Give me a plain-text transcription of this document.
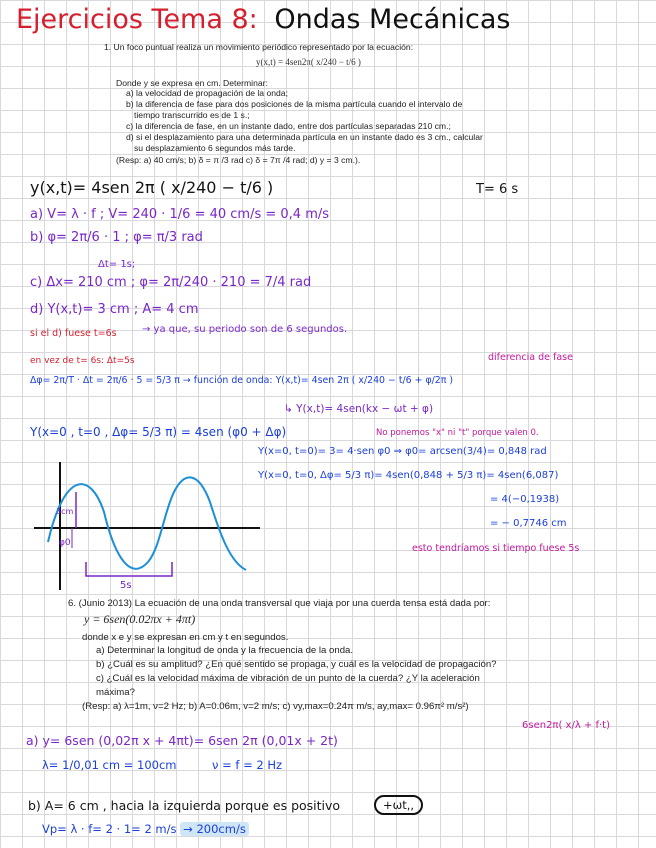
Ejercicios Tema 8: Ondas Mecánicas
1. Un foco puntual realiza un movimiento periódico representado por la ecuación:
y(x,t) = 4sen2π( x/240 − t/6 )
Donde y se expresa en cm. Determinar:
a) la velocidad de propagación de la onda;
b) la diferencia de fase para dos posiciones de la misma partícula cuando el intervalo de
tiempo transcurrido es de 1 s.;
c) la diferencia de fase, en un instante dado, entre dos partículas separadas 210 cm.;
d) si el desplazamiento para una determinada partícula en un instante dado es 3 cm., calcular
su desplazamiento 6 segundos más tarde.
(Resp: a) 40 cm/s; b) δ = π /3 rad c) δ = 7π /4 rad; d) y = 3 cm.).
y(x,t)= 4sen 2π ( x/240 − t/6 )	T= 6 s
a) V= λ · f ; V= 240 · 1/6 = 40 cm/s = 0,4 m/s
b) φ= 2π/6 · 1 ; φ= π/3 rad
Δt= 1s;
c) Δx= 210 cm ; φ= 2π/240 · 210 = 7/4 rad
d) Y(x,t)= 3 cm ; A= 4 cm
si el d) fuese t=6s	→ ya que, su periodo son de 6 segundos.
en vez de t= 6s: Δt=5s	diferencia de fase
Δφ= 2π/T · Δt = 2π/6 · 5 = 5/3 π → función de onda: Y(x,t)= 4sen 2π ( x/240 − t/6 + φ/2π )
↳ Y(x,t)= 4sen(kx − ωt + φ)
Y(x=0 , t=0 , Δφ= 5/3 π) = 4sen (φ0 + Δφ)	No ponemos "x" ni "t" porque valen 0.
Y(x=0, t=0)= 3= 4·sen φ0 ⇒ φ0= arcsen(3/4)= 0,848 rad
Y(x=0, t=0, Δφ= 5/3 π)= 4sen(0,848 + 5/3 π)= 4sen(6,087)
= 4(−0,1938)
= − 0,7746 cm
esto tendríamos si tiempo fuese 5s
3cm
φ0
5s
6. (Junio 2013) La ecuación de una onda transversal que viaja por una cuerda tensa está dada por:
y = 6sen(0.02πx + 4πt)
donde x e y se expresan en cm y t en segundos.
a) Determinar la longitud de onda y la frecuencia de la onda.
b) ¿Cuál es su amplitud? ¿En qué sentido se propaga, y cuál es la velocidad de propagación?
c) ¿Cuál es la velocidad máxima de vibración de un punto de la cuerda? ¿Y la aceleración
máxima?
(Resp: a) λ=1m, ν=2 Hz; b) A=0.06m, v=2 m/s; c) vy,max=0.24π m/s, ay,max= 0.96π² m/s²)
6sen2π( x/λ + f·t)
a) y= 6sen (0,02π x + 4πt)= 6sen 2π (0,01x + 2t)
λ= 1/0,01 cm = 100cm	ν = f = 2 Hz
b) A= 6 cm , hacia la izquierda porque es positivo	+ωt,,
Vp= λ · f= 2 · 1= 2 m/s → 200cm/s
